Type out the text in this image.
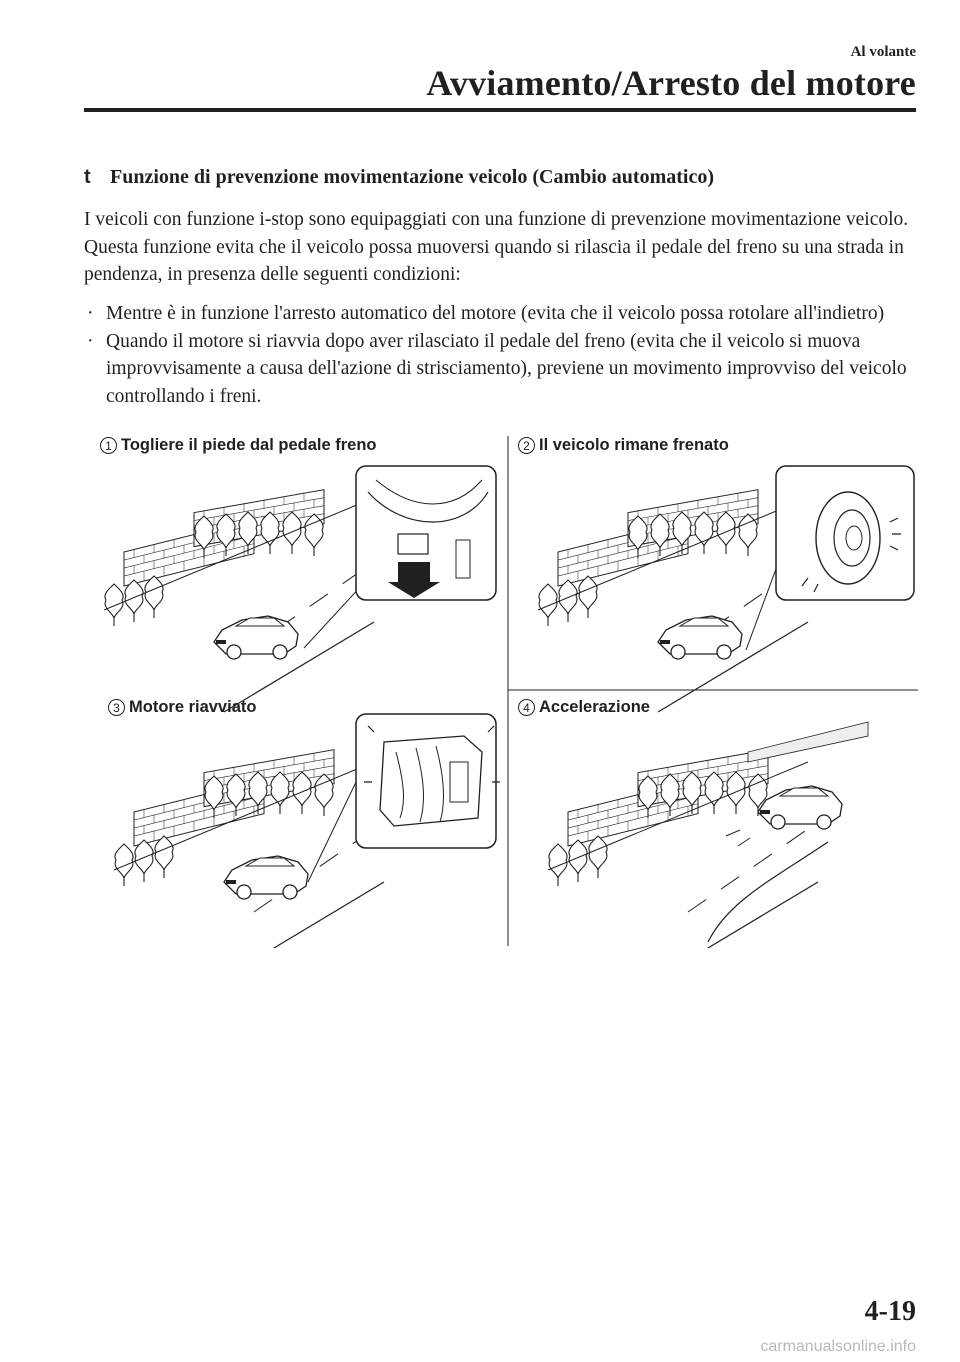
Al volante
Avviamento/Arresto del motore
t Funzione di prevenzione movimentazione veicolo (Cambio automatico)
I veicoli con funzione i-stop sono equipaggiati con una funzione di prevenzione movimentazione veicolo. Questa funzione evita che il veicolo possa muoversi quando si rilascia il pedale del freno su una strada in pendenza, in presenza delle seguenti condizioni:
· Mentre è in funzione l'arresto automatico del motore (evita che il veicolo possa rotolare all'indietro)
· Quando il motore si riavvia dopo aver rilasciato il pedale del freno (evita che il veicolo si muova improvvisamente a causa dell'azione di strisciamento), previene un movimento improvviso del veicolo controllando i freni.
1 Togliere il piede dal pedale freno	2 Il veicolo rimane frenato
3 Motore riavviato	4 Accelerazione
4-19
carmanualsonline.info
